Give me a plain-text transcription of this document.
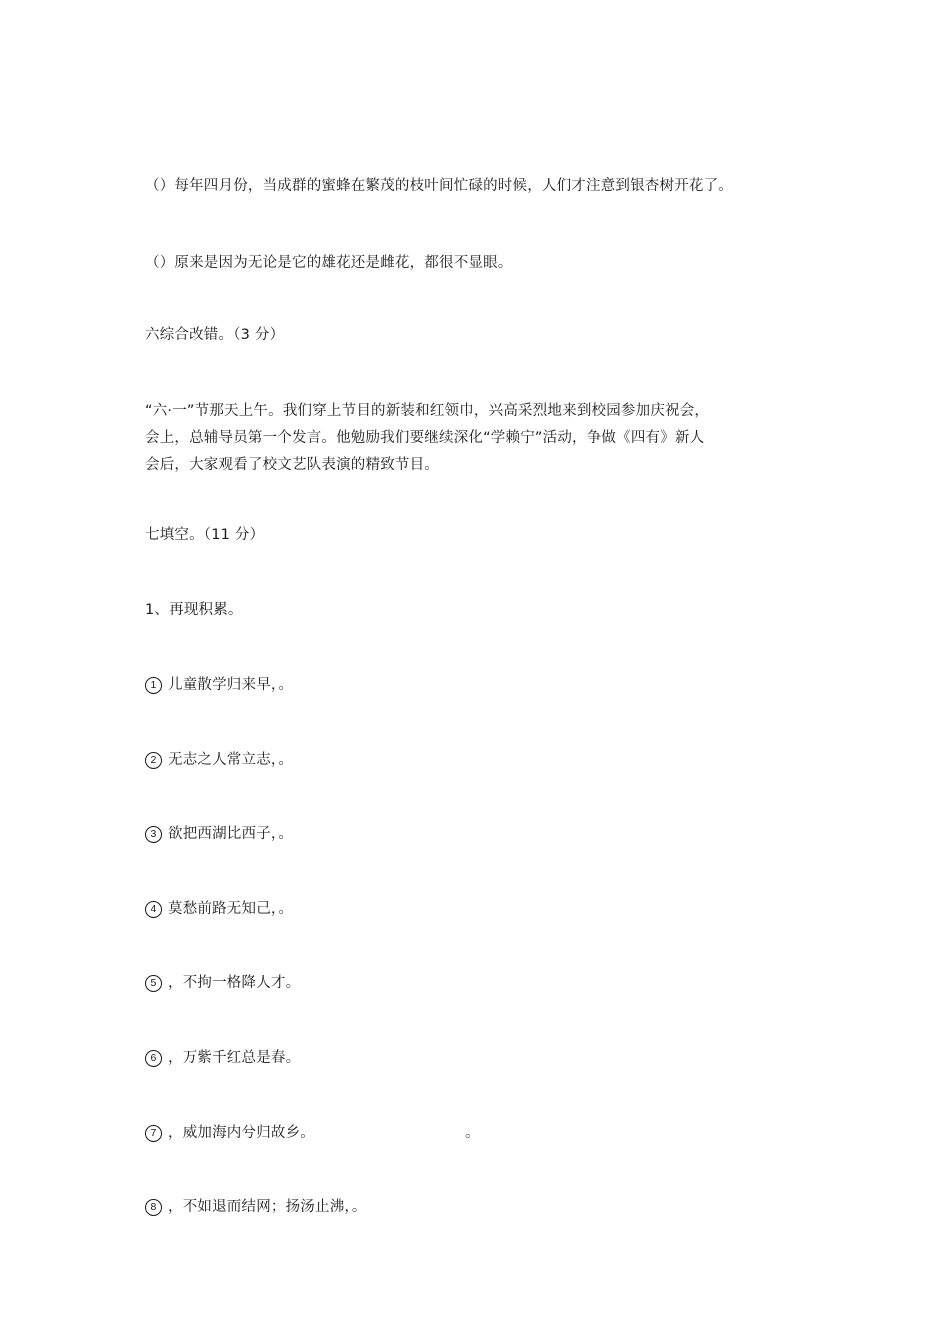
（）每年四月份，当成群的蜜蜂在繁茂的枝叶间忙碌的时候，人们才注意到银杏树开花了。
（）原来是因为无论是它的雄花还是雌花，都很不显眼。
六综合改错。（3 分）
“六·一”节那天上午。我们穿上节目的新装和红领巾，兴高采烈地来到校园参加庆祝会，
会上，总辅导员第一个发言。他勉励我们要继续深化“学赖宁”活动，争做《四有》新人
会后，大家观看了校文艺队表演的精致节目。
七填空。（11 分）
1、再现积累。
1 儿童散学归来早，。
2 无志之人常立志，。
3 欲把西湖比西子，。
4 莫愁前路无知己，。
5 ，不拘一格降人才。
6 ，万紫千红总是春。
7 ，威加海内兮归故乡。	。
8 ，不如退而结网；扬汤止沸，。
